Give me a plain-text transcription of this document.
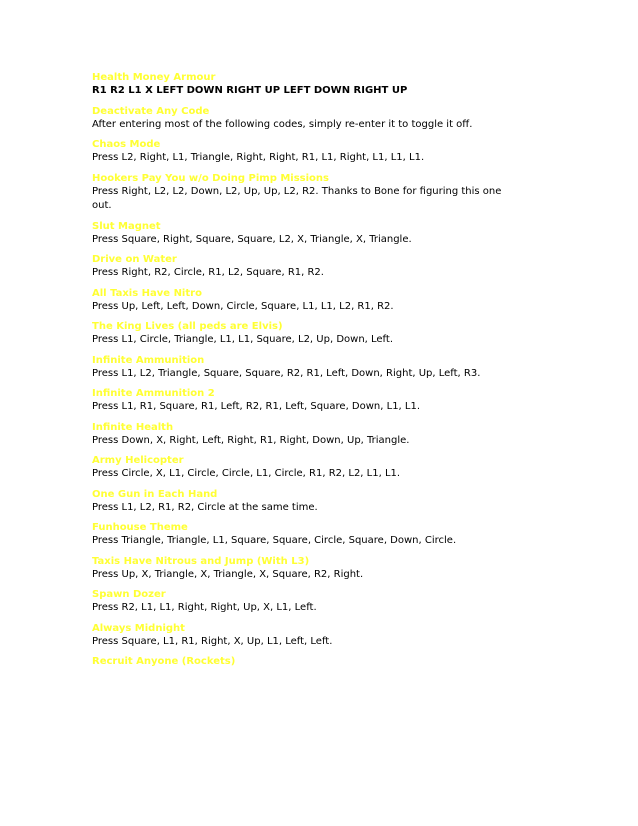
Health Money Armour
R1 R2 L1 X LEFT DOWN RIGHT UP LEFT DOWN RIGHT UP
Deactivate Any Code
After entering most of the following codes, simply re-enter it to toggle it off.
Chaos Mode
Press L2, Right, L1, Triangle, Right, Right, R1, L1, Right, L1, L1, L1.
Hookers Pay You w/o Doing Pimp Missions
Press Right, L2, L2, Down, L2, Up, Up, L2, R2. Thanks to Bone for figuring this one
out.
Slut Magnet
Press Square, Right, Square, Square, L2, X, Triangle, X, Triangle.
Drive on Water
Press Right, R2, Circle, R1, L2, Square, R1, R2.
All Taxis Have Nitro
Press Up, Left, Left, Down, Circle, Square, L1, L1, L2, R1, R2.
The King Lives (all peds are Elvis)
Press L1, Circle, Triangle, L1, L1, Square, L2, Up, Down, Left.
Infinite Ammunition
Press L1, L2, Triangle, Square, Square, R2, R1, Left, Down, Right, Up, Left, R3.
Infinite Ammunition 2
Press L1, R1, Square, R1, Left, R2, R1, Left, Square, Down, L1, L1.
Infinite Health
Press Down, X, Right, Left, Right, R1, Right, Down, Up, Triangle.
Army Helicopter
Press Circle, X, L1, Circle, Circle, L1, Circle, R1, R2, L2, L1, L1.
One Gun in Each Hand
Press L1, L2, R1, R2, Circle at the same time.
Funhouse Theme
Press Triangle, Triangle, L1, Square, Square, Circle, Square, Down, Circle.
Taxis Have Nitrous and Jump (With L3)
Press Up, X, Triangle, X, Triangle, X, Square, R2, Right.
Spawn Dozer
Press R2, L1, L1, Right, Right, Up, X, L1, Left.
Always Midnight
Press Square, L1, R1, Right, X, Up, L1, Left, Left.
Recruit Anyone (Rockets)
